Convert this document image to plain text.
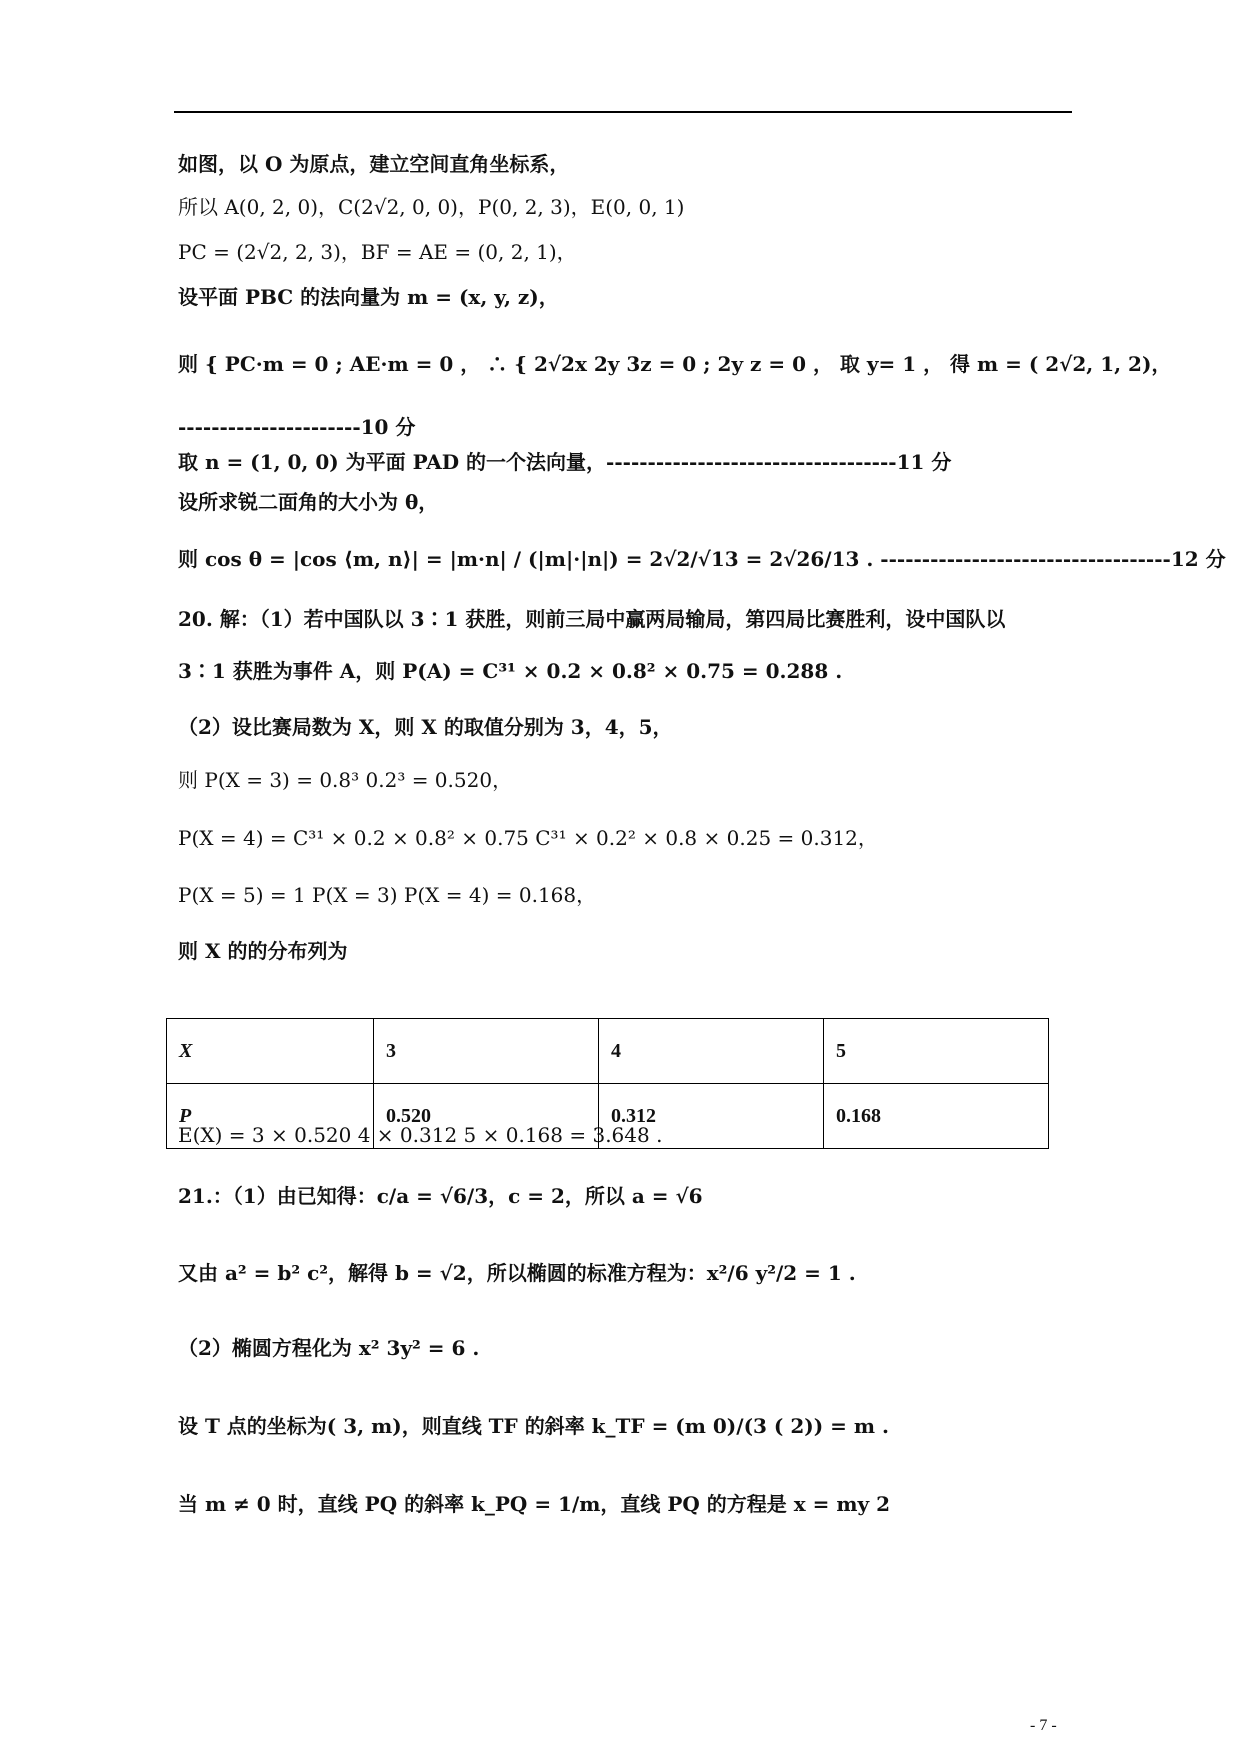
如图，以 O 为原点，建立空间直角坐标系，
所以 A(0, 2, 0)，C(2√2, 0, 0)，P(0, 2, 3)，E(0, 0, 1)
PC = (2√2, 2, 3)，BF = AE = (0, 2, 1)，
设平面 PBC 的法向量为 m = (x, y, z)，
则 { PC·m = 0 ; AE·m = 0 ， ∴ { 2√2x 2y 3z = 0 ; 2y z = 0 ， 取 y= 1 ， 得 m = ( 2√2, 1, 2)，
----------------------10 分
取 n = (1, 0, 0) 为平面 PAD 的一个法向量，-----------------------------------11 分
设所求锐二面角的大小为 θ，
则 cos θ = |cos ⟨m, n⟩| = |m·n| / (|m|·|n|) = 2√2/√13 = 2√26/13 . -----------------------------------12 分
20. 解：（1）若中国队以 3∶1 获胜，则前三局中赢两局输局，第四局比赛胜利，设中国队以
3∶1 获胜为事件 A，则 P(A) = C³¹ × 0.2 × 0.8² × 0.75 = 0.288 .
（2）设比赛局数为 X，则 X 的取值分别为 3，4，5，
则 P(X = 3) = 0.8³ 0.2³ = 0.520，
P(X = 4) = C³¹ × 0.2 × 0.8² × 0.75 C³¹ × 0.2² × 0.8 × 0.25 = 0.312，
P(X = 5) = 1 P(X = 3) P(X = 4) = 0.168，
则 X 的的分布列为
E(X) = 3 × 0.520 4 × 0.312 5 × 0.168 = 3.648 .
21.：（1）由已知得：c/a = √6/3，c = 2，所以 a = √6
又由 a² = b² c²，解得 b = √2，所以椭圆的标准方程为：x²/6 y²/2 = 1 .
（2）椭圆方程化为 x² 3y² = 6 .
设 T 点的坐标为( 3, m)，则直线 TF 的斜率 k_TF = (m 0)/(3 ( 2)) = m .
当 m ≠ 0 时，直线 PQ 的斜率 k_PQ = 1/m，直线 PQ 的方程是 x = my 2
X	3	4	5
P	0.520	0.312	0.168
- 7 -
